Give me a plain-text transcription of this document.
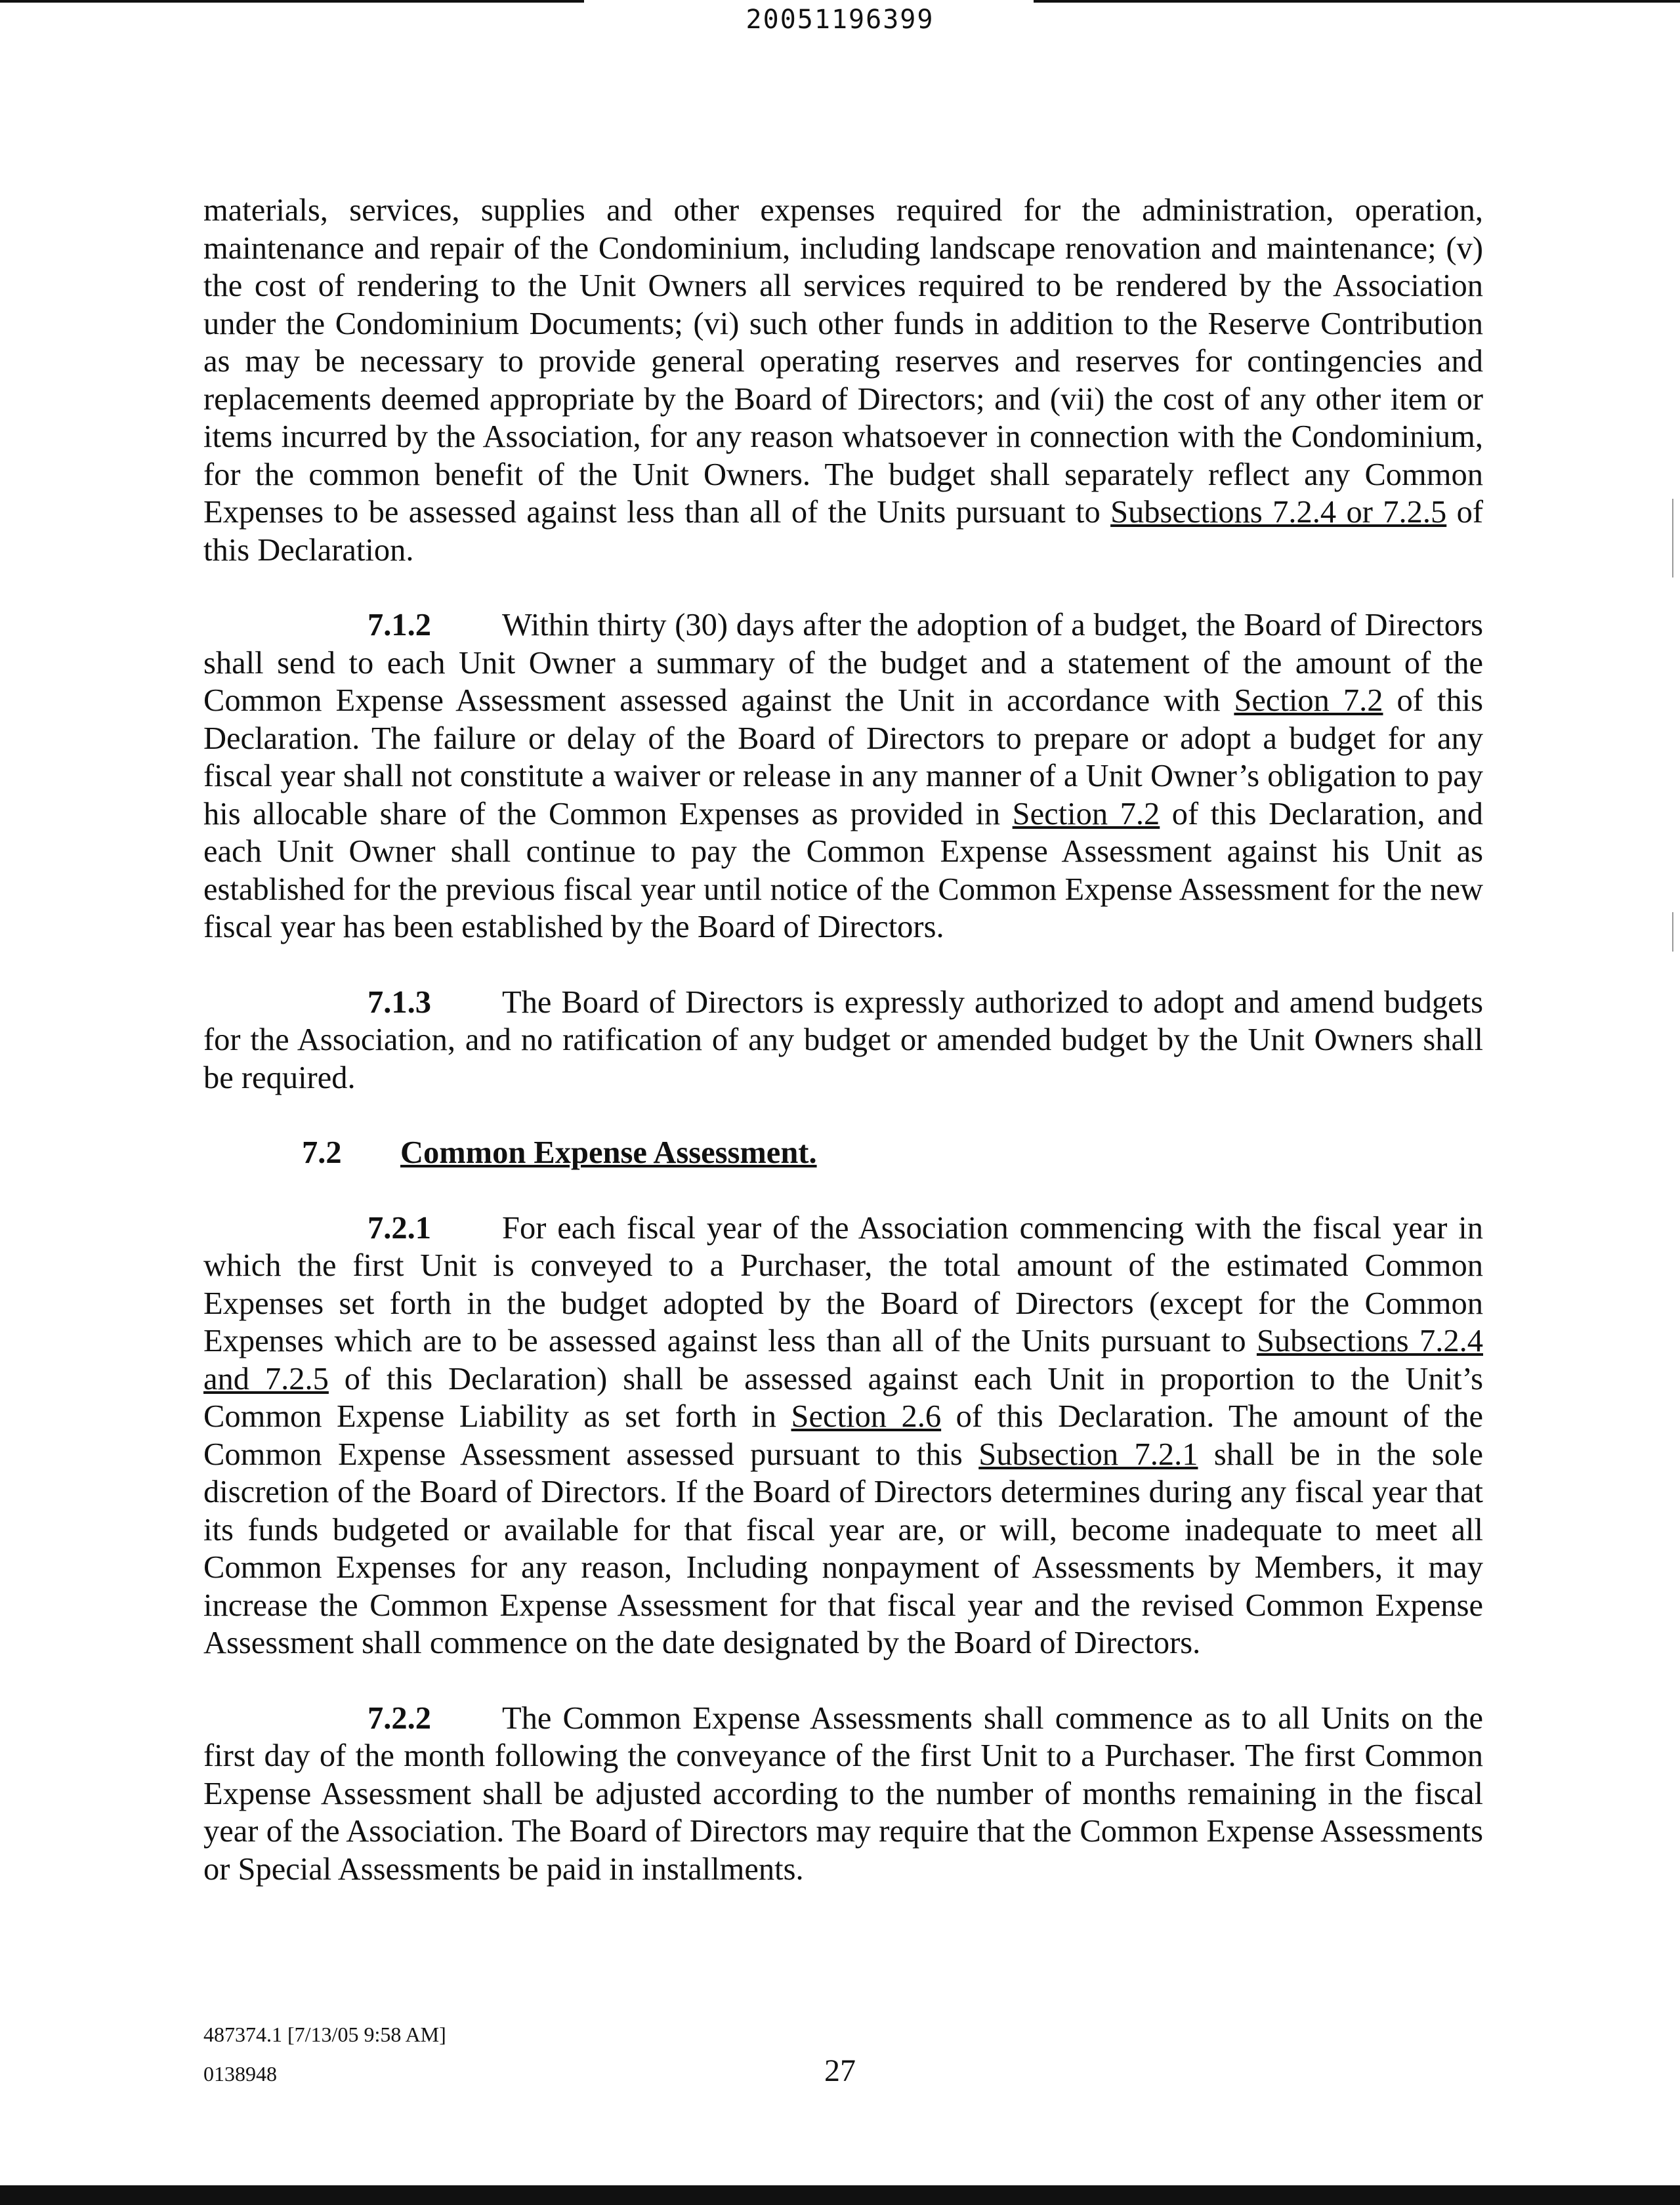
20051196399

materials, services, supplies and other expenses required for the administration, operation, maintenance and repair of the Condominium, including landscape renovation and maintenance; (v) the cost of rendering to the Unit Owners all services required to be rendered by the Association under the Condominium Documents; (vi) such other funds in addition to the Reserve Contribution as may be necessary to provide general operating reserves and reserves for contingencies and replacements deemed appropriate by the Board of Directors; and (vii) the cost of any other item or items incurred by the Association, for any reason whatsoever in connection with the Condominium, for the common benefit of the Unit Owners. The budget shall separately reflect any Common Expenses to be assessed against less than all of the Units pursuant to Subsections 7.2.4 or 7.2.5 of this Declaration.

7.1.2 Within thirty (30) days after the adoption of a budget, the Board of Directors shall send to each Unit Owner a summary of the budget and a statement of the amount of the Common Expense Assessment assessed against the Unit in accordance with Section 7.2 of this Declaration. The failure or delay of the Board of Directors to prepare or adopt a budget for any fiscal year shall not constitute a waiver or release in any manner of a Unit Owner’s obligation to pay his allocable share of the Common Expenses as provided in Section 7.2 of this Declaration, and each Unit Owner shall continue to pay the Common Expense Assessment against his Unit as established for the previous fiscal year until notice of the Common Expense Assessment for the new fiscal year has been established by the Board of Directors.

7.1.3 The Board of Directors is expressly authorized to adopt and amend budgets for the Association, and no ratification of any budget or amended budget by the Unit Owners shall be required.

7.2 Common Expense Assessment.

7.2.1 For each fiscal year of the Association commencing with the fiscal year in which the first Unit is conveyed to a Purchaser, the total amount of the estimated Common Expenses set forth in the budget adopted by the Board of Directors (except for the Common Expenses which are to be assessed against less than all of the Units pursuant to Subsections 7.2.4 and 7.2.5 of this Declaration) shall be assessed against each Unit in proportion to the Unit’s Common Expense Liability as set forth in Section 2.6 of this Declaration. The amount of the Common Expense Assessment assessed pursuant to this Subsection 7.2.1 shall be in the sole discretion of the Board of Directors. If the Board of Directors determines during any fiscal year that its funds budgeted or available for that fiscal year are, or will, become inadequate to meet all Common Expenses for any reason, Including nonpayment of Assessments by Members, it may increase the Common Expense Assessment for that fiscal year and the revised Common Expense Assessment shall commence on the date designated by the Board of Directors.

7.2.2 The Common Expense Assessments shall commence as to all Units on the first day of the month following the conveyance of the first Unit to a Purchaser. The first Common Expense Assessment shall be adjusted according to the number of months remaining in the fiscal year of the Association. The Board of Directors may require that the Common Expense Assessments or Special Assessments be paid in installments.

487374.1 [7/13/05 9:58 AM]
0138948	27
